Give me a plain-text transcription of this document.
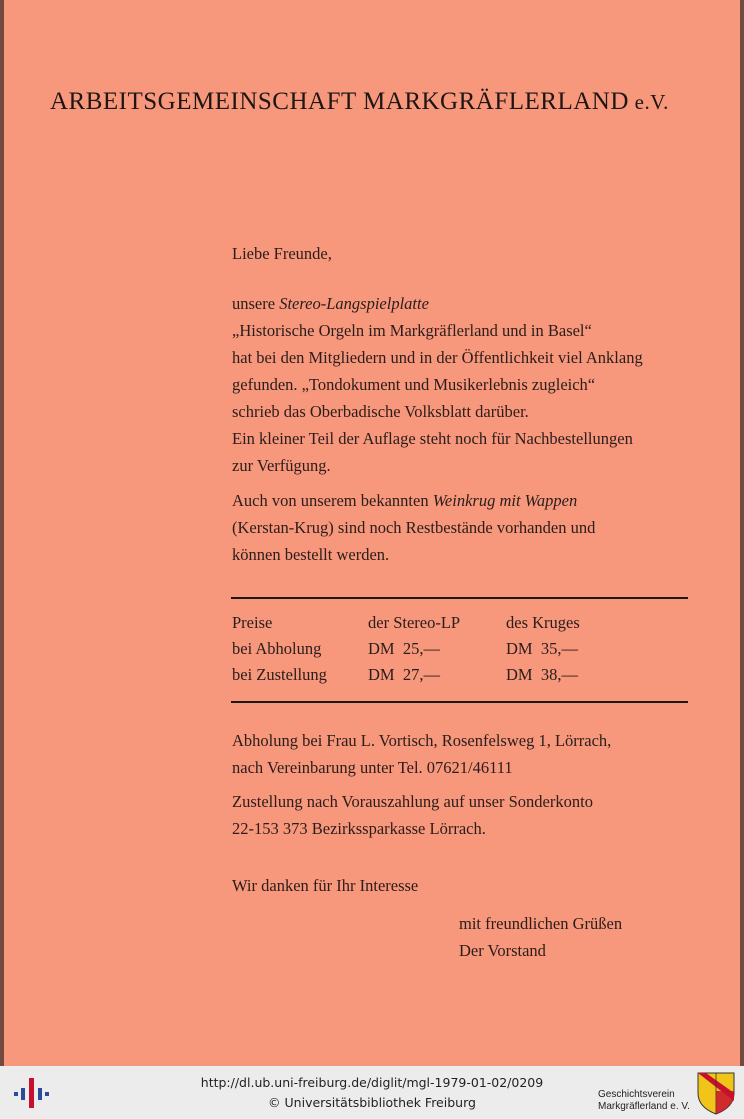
ARBEITSGEMEINSCHAFT MARKGRÄFLERLAND e.V.
Liebe Freunde,
unsere Stereo-Langspielplatte
„Historische Orgeln im Markgräflerland und in Basel“
hat bei den Mitgliedern und in der Öffentlichkeit viel Anklang
gefunden. „Tondokument und Musikerlebnis zugleich“
schrieb das Oberbadische Volksblatt darüber.
Ein kleiner Teil der Auflage steht noch für Nachbestellungen
zur Verfügung.
Auch von unserem bekannten Weinkrug mit Wappen
(Kerstan-Krug) sind noch Restbestände vorhanden und
können bestellt werden.
Preise	der Stereo-LP	des Kruges
bei Abholung	DM  25,—	DM  35,—
bei Zustellung DM  27,—	DM  38,—
Abholung bei Frau L. Vortisch, Rosenfelsweg 1, Lörrach,
nach Vereinbarung unter Tel. 07621/46111
Zustellung nach Vorauszahlung auf unser Sonderkonto
22-153 373 Bezirkssparkasse Lörrach.
Wir danken für Ihr Interesse
mit freundlichen Grüßen
Der Vorstand
http://dl.ub.uni-freiburg.de/diglit/mgl-1979-01-02/0209
© Universitätsbibliothek Freiburg
Geschichtsverein
Markgräflerland e. V.
